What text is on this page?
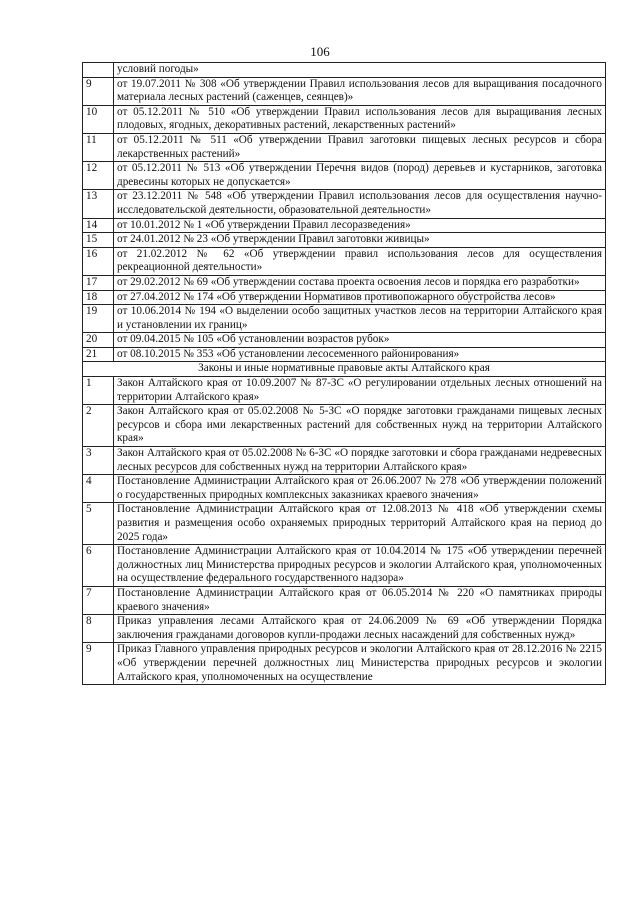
106
	условий погоды»
9	от 19.07.2011 № 308 «Об утверждении Правил использования лесов для выращивания посадочного материала лесных растений (саженцев, сеянцев)»
10	от 05.12.2011 № 510 «Об утверждении Правил использования лесов для выращивания лесных плодовых, ягодных, декоративных растений, лекарственных растений»
11	от 05.12.2011 № 511 «Об утверждении Правил заготовки пищевых лесных ресурсов и сбора лекарственных растений»
12	от 05.12.2011 № 513 «Об утверждении Перечня видов (пород) деревьев и кустарников, заготовка древесины которых не допускается»
13	от 23.12.2011 № 548 «Об утверждении Правил использования лесов для осуществления научно-исследовательской деятельности, образовательной деятельности»
14	от 10.01.2012 № 1 «Об утверждении Правил лесоразведения»
15	от 24.01.2012 № 23 «Об утверждении Правил заготовки живицы»
16	от 21.02.2012 № 62 «Об утверждении правил использования лесов для осуществления рекреационной деятельности»
17	от 29.02.2012 № 69 «Об утверждении состава проекта освоения лесов и порядка его разработки»
18	от 27.04.2012 № 174 «Об утверждении Нормативов противопожарного обустройства лесов»
19	от 10.06.2014 № 194 «О выделении особо защитных участков лесов на территории Алтайского края и установлении их границ»
20	от 09.04.2015 № 105 «Об установлении возрастов рубок»
21	от 08.10.2015 № 353 «Об установлении лесосеменного районирования»
Законы и иные нормативные правовые акты Алтайского края	
1	Закон Алтайского края от 10.09.2007 № 87-ЗС «О регулировании отдельных лесных отношений на территории Алтайского края»
2	Закон Алтайского края от 05.02.2008 № 5-ЗС «О порядке заготовки гражданами пищевых лесных ресурсов и сбора ими лекарственных растений для собственных нужд на территории Алтайского края»
3	Закон Алтайского края от 05.02.2008 № 6-ЗС «О порядке заготовки и сбора гражданами недревесных лесных ресурсов для собственных нужд на территории Алтайского края»
4	Постановление Администрации Алтайского края от 26.06.2007 № 278 «Об утверждении положений о государственных природных комплексных заказниках краевого значения»
5	Постановление Администрации Алтайского края от 12.08.2013 № 418 «Об утверждении схемы развития и размещения особо охраняемых природных территорий Алтайского края на период до 2025 года»
6	Постановление Администрации Алтайского края от 10.04.2014 № 175 «Об утверждении перечней должностных лиц Министерства природных ресурсов и экологии Алтайского края, уполномоченных на осуществление федерального государственного надзора»
7	Постановление Администрации Алтайского края от 06.05.2014 № 220 «О памятниках природы краевого значения»
8	Приказ управления лесами Алтайского края от 24.06.2009 № 69 «Об утверждении Порядка заключения гражданами договоров купли-продажи лесных насаждений для собственных нужд»
9	Приказ Главного управления природных ресурсов и экологии Алтайского края от 28.12.2016 № 2215 «Об утверждении перечней должностных лиц Министерства природных ресурсов и экологии Алтайского края, уполномоченных на осуществление
